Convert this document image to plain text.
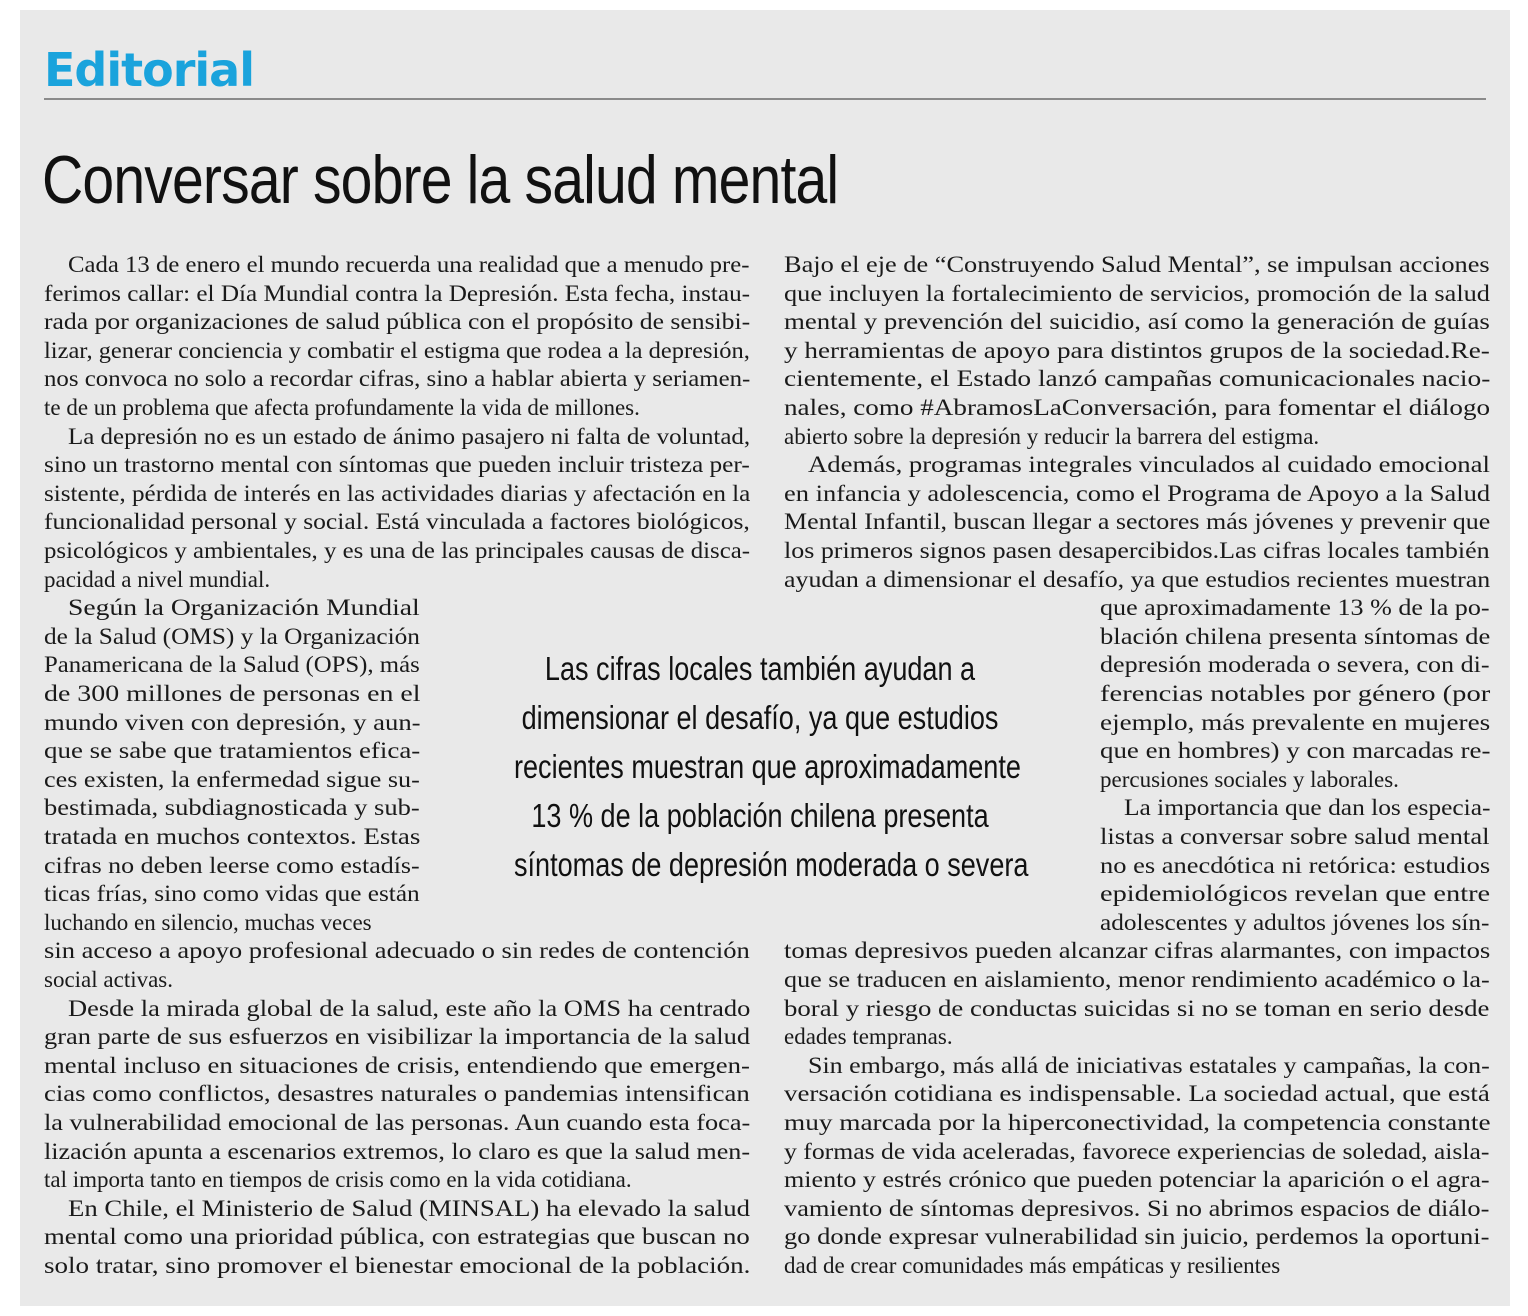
Editorial
Conversar sobre la salud mental
Las cifras locales también ayudan a
dimensionar el desafío, ya que estudios
recientes muestran que aproximadamente
13 % de la población chilena presenta
síntomas de depresión moderada o severa
Cada 13 de enero el mundo recuerda una realidad que a menudo pre-
ferimos callar: el Día Mundial contra la Depresión. Esta fecha, instau-
rada por organizaciones de salud pública con el propósito de sensibi-
lizar, generar conciencia y combatir el estigma que rodea a la depresión,
nos convoca no solo a recordar cifras, sino a hablar abierta y seriamen-
te de un problema que afecta profundamente la vida de millones.
La depresión no es un estado de ánimo pasajero ni falta de voluntad,
sino un trastorno mental con síntomas que pueden incluir tristeza per-
sistente, pérdida de interés en las actividades diarias y afectación en la
funcionalidad personal y social. Está vinculada a factores biológicos,
psicológicos y ambientales, y es una de las principales causas de disca-
pacidad a nivel mundial.
Según la Organización Mundial
de la Salud (OMS) y la Organización
Panamericana de la Salud (OPS), más
de 300 millones de personas en el
mundo viven con depresión, y aun-
que se sabe que tratamientos efica-
ces existen, la enfermedad sigue su-
bestimada, subdiagnosticada y sub-
tratada en muchos contextos. Estas
cifras no deben leerse como estadís-
ticas frías, sino como vidas que están
luchando en silencio, muchas veces
sin acceso a apoyo profesional adecuado o sin redes de contención
social activas.
Desde la mirada global de la salud, este año la OMS ha centrado
gran parte de sus esfuerzos en visibilizar la importancia de la salud
mental incluso en situaciones de crisis, entendiendo que emergen-
cias como conflictos, desastres naturales o pandemias intensifican
la vulnerabilidad emocional de las personas. Aun cuando esta foca-
lización apunta a escenarios extremos, lo claro es que la salud men-
tal importa tanto en tiempos de crisis como en la vida cotidiana.
En Chile, el Ministerio de Salud (MINSAL) ha elevado la salud
mental como una prioridad pública, con estrategias que buscan no
solo tratar, sino promover el bienestar emocional de la población.
Bajo el eje de “Construyendo Salud Mental”, se impulsan acciones
que incluyen la fortalecimiento de servicios, promoción de la salud
mental y prevención del suicidio, así como la generación de guías
y herramientas de apoyo para distintos grupos de la sociedad.Re-
cientemente, el Estado lanzó campañas comunicacionales nacio-
nales, como #AbramosLaConversación, para fomentar el diálogo
abierto sobre la depresión y reducir la barrera del estigma.
Además, programas integrales vinculados al cuidado emocional
en infancia y adolescencia, como el Programa de Apoyo a la Salud
Mental Infantil, buscan llegar a sectores más jóvenes y prevenir que
los primeros signos pasen desapercibidos.Las cifras locales también
ayudan a dimensionar el desafío, ya que estudios recientes muestran
que aproximadamente 13 % de la po-
blación chilena presenta síntomas de
depresión moderada o severa, con di-
ferencias notables por género (por
ejemplo, más prevalente en mujeres
que en hombres) y con marcadas re-
percusiones sociales y laborales.
La importancia que dan los especia-
listas a conversar sobre salud mental
no es anecdótica ni retórica: estudios
epidemiológicos revelan que entre
adolescentes y adultos jóvenes los sín-
tomas depresivos pueden alcanzar cifras alarmantes, con impactos
que se traducen en aislamiento, menor rendimiento académico o la-
boral y riesgo de conductas suicidas si no se toman en serio desde
edades tempranas.
Sin embargo, más allá de iniciativas estatales y campañas, la con-
versación cotidiana es indispensable. La sociedad actual, que está
muy marcada por la hiperconectividad, la competencia constante
y formas de vida aceleradas, favorece experiencias de soledad, aisla-
miento y estrés crónico que pueden potenciar la aparición o el agra-
vamiento de síntomas depresivos. Si no abrimos espacios de diálo-
go donde expresar vulnerabilidad sin juicio, perdemos la oportuni-
dad de crear comunidades más empáticas y resilientes
